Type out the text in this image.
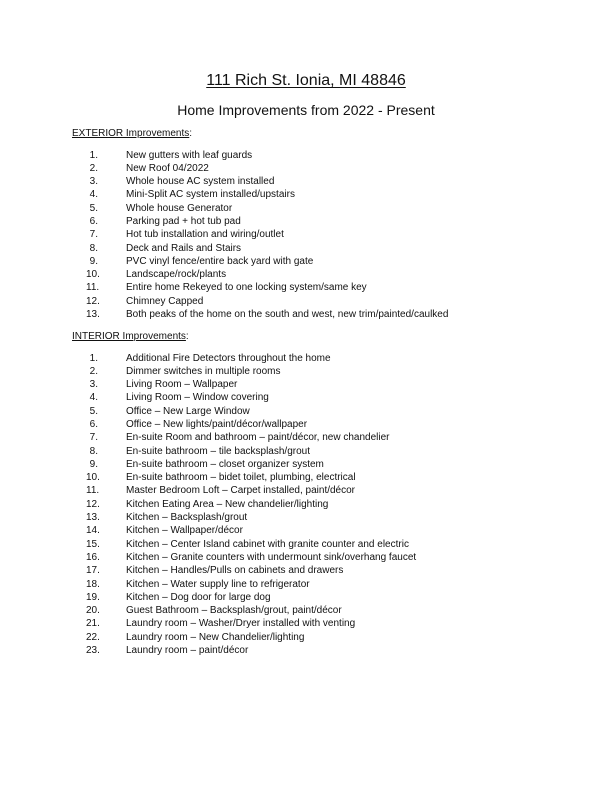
111 Rich St. Ionia, MI 48846
Home Improvements from 2022 - Present
EXTERIOR Improvements:
1.	New gutters with leaf guards
2.	New Roof 04/2022
3.	Whole house AC system installed
4.	Mini-Split AC system installed/upstairs
5.	Whole house Generator
6.	Parking pad + hot tub pad
7.	Hot tub installation and wiring/outlet
8.	Deck and Rails and Stairs
9.	PVC vinyl fence/entire back yard with gate
10.	Landscape/rock/plants
11.	Entire home Rekeyed to one locking system/same key
12.	Chimney Capped
13.	Both peaks of the home on the south and west, new trim/painted/caulked
INTERIOR Improvements:
1.	Additional Fire Detectors throughout the home
2.	Dimmer switches in multiple rooms
3.	Living Room – Wallpaper
4.	Living Room – Window covering
5.	Office – New Large Window
6.	Office – New lights/paint/décor/wallpaper
7.	En-suite Room and bathroom – paint/décor, new chandelier
8.	En-suite bathroom – tile backsplash/grout
9.	En-suite bathroom – closet organizer system
10.	En-suite bathroom – bidet toilet, plumbing, electrical
11.	Master Bedroom Loft – Carpet installed, paint/décor
12.	Kitchen Eating Area – New chandelier/lighting
13.	Kitchen – Backsplash/grout
14.	Kitchen – Wallpaper/décor
15.	Kitchen – Center Island cabinet with granite counter and electric
16.	Kitchen – Granite counters with undermount sink/overhang faucet
17.	Kitchen – Handles/Pulls on cabinets and drawers
18.	Kitchen – Water supply line to refrigerator
19.	Kitchen – Dog door for large dog
20.	Guest Bathroom – Backsplash/grout, paint/décor
21.	Laundry room – Washer/Dryer installed with venting
22.	Laundry room – New Chandelier/lighting
23.	Laundry room – paint/décor
